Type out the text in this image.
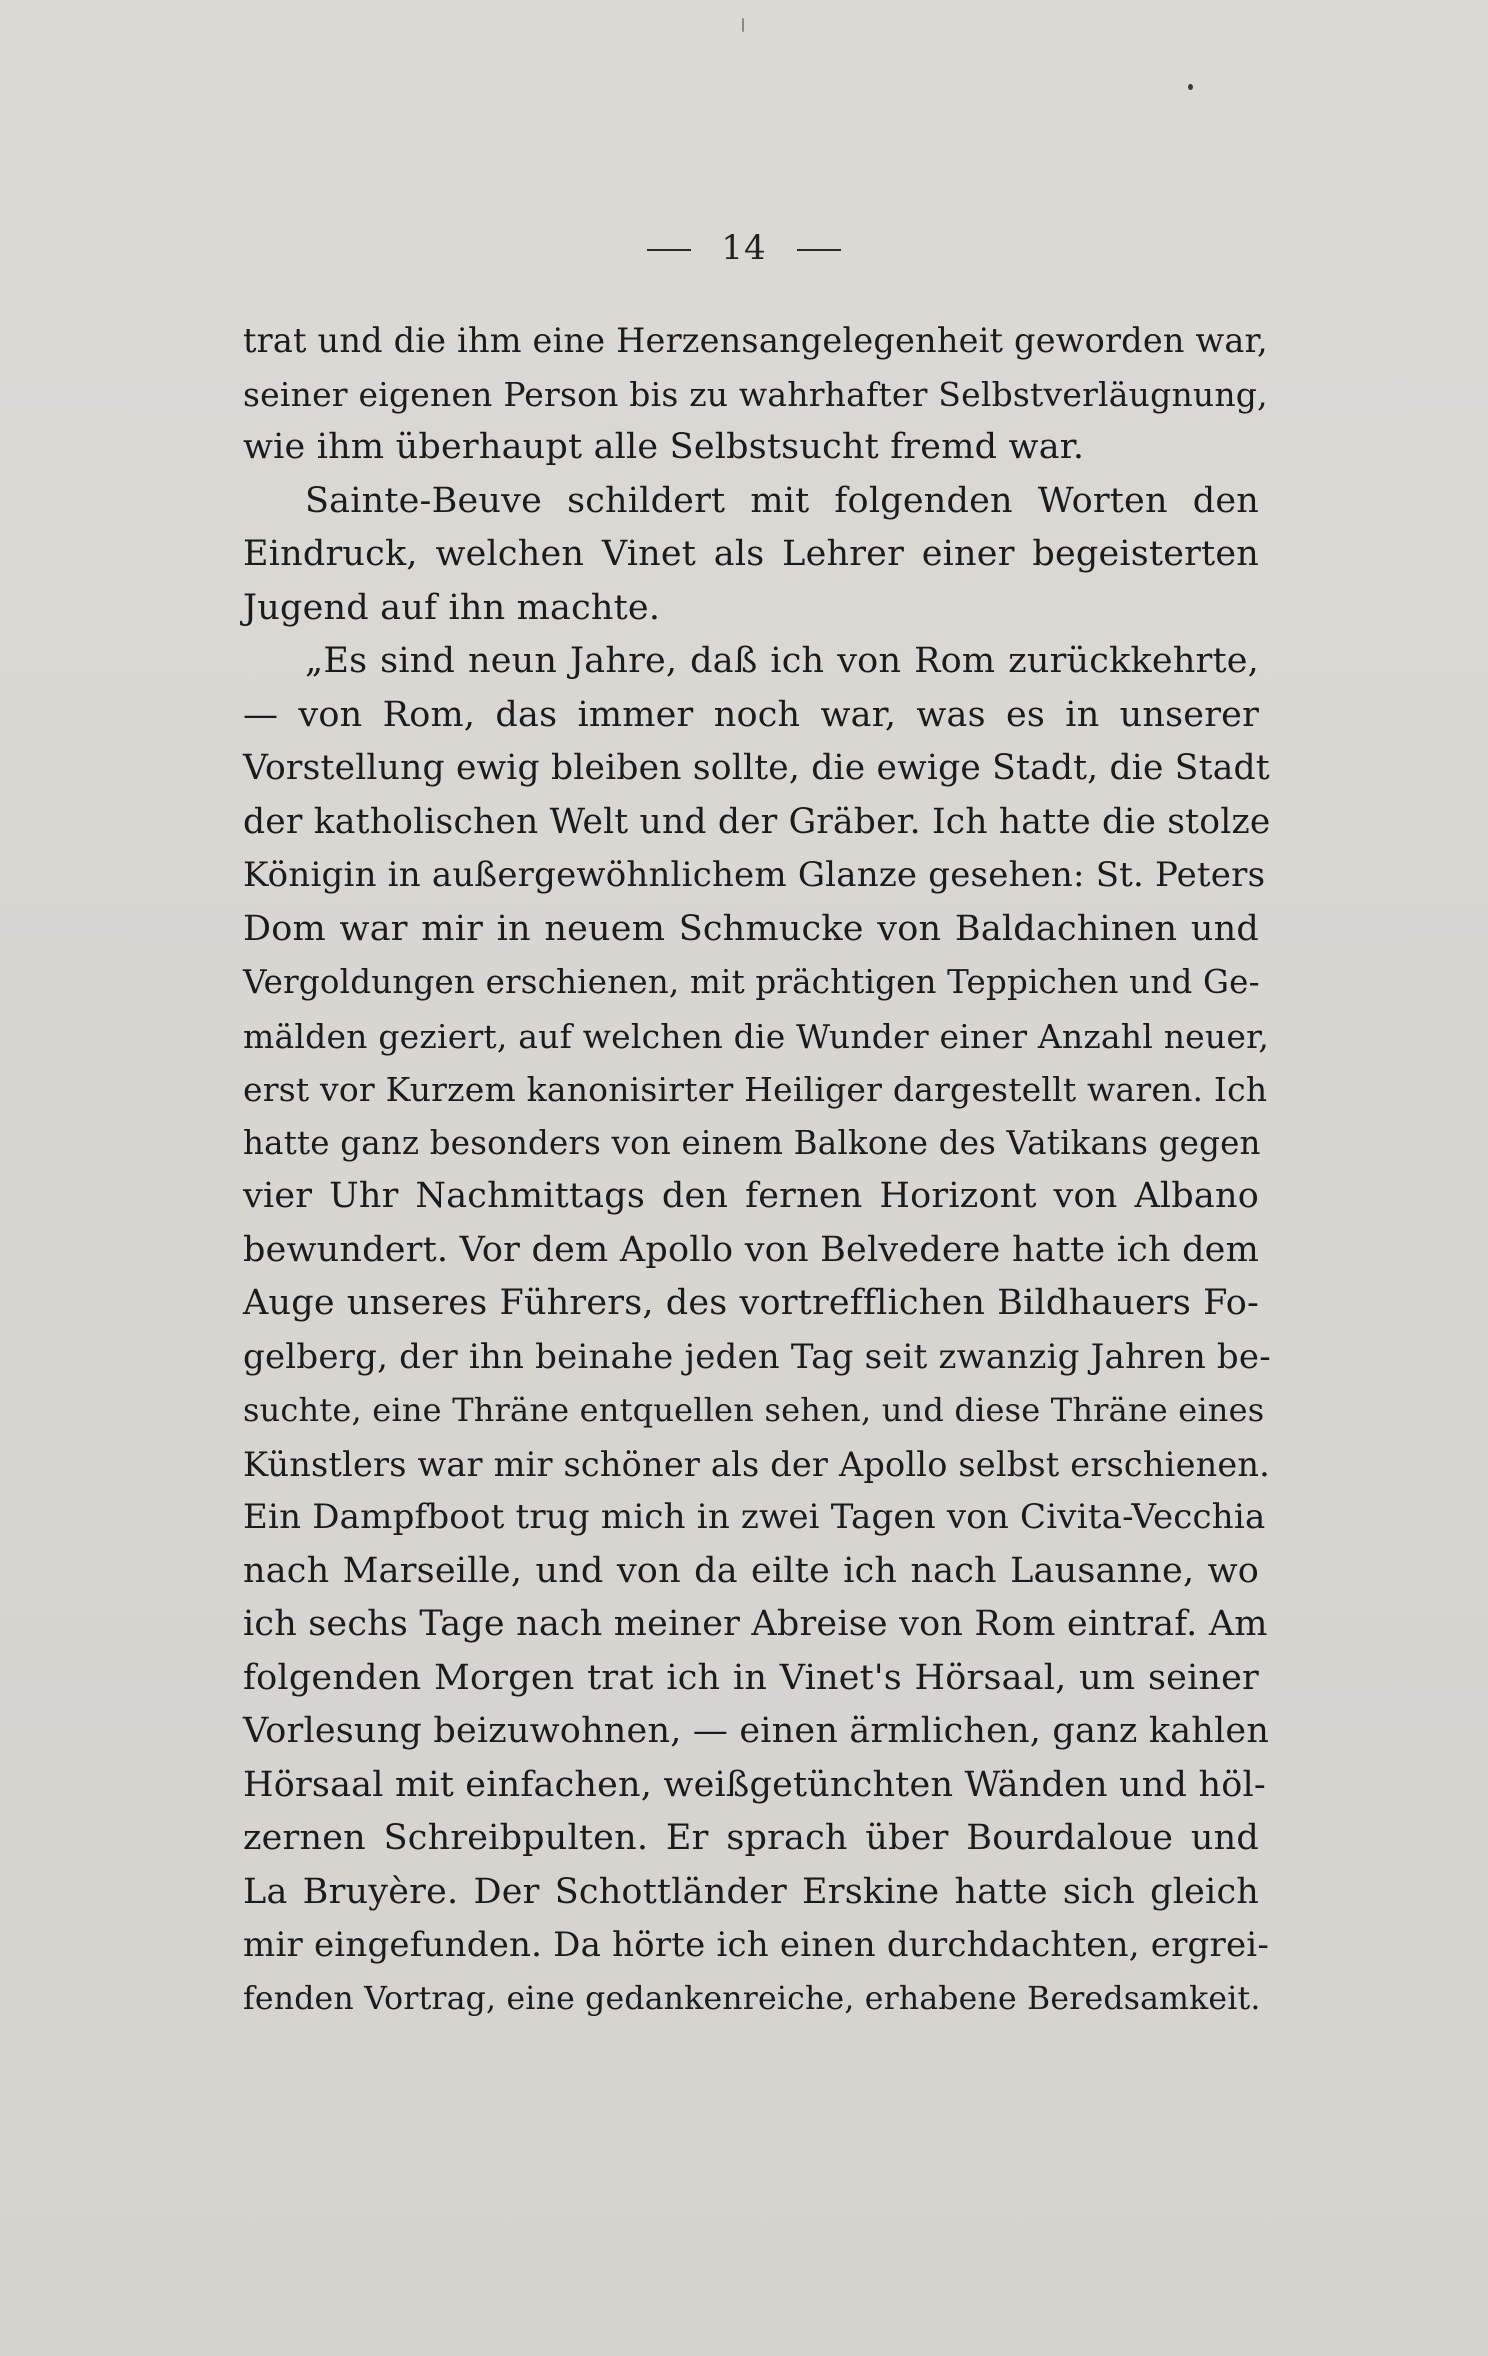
14
trat und die ihm eine Herzensangelegenheit geworden war,
seiner eigenen Person bis zu wahrhafter Selbstverläugnung,
wie ihm überhaupt alle Selbstsucht fremd war.
Sainte-Beuve schildert mit folgenden Worten den
Eindruck, welchen Vinet als Lehrer einer begeisterten
Jugend auf ihn machte.
„Es sind neun Jahre, daß ich von Rom zurückkehrte,
— von Rom, das immer noch war, was es in unserer
Vorstellung ewig bleiben sollte, die ewige Stadt, die Stadt
der katholischen Welt und der Gräber. Ich hatte die stolze
Königin in außergewöhnlichem Glanze gesehen: St. Peters
Dom war mir in neuem Schmucke von Baldachinen und
Vergoldungen erschienen, mit prächtigen Teppichen und Ge-
mälden geziert, auf welchen die Wunder einer Anzahl neuer,
erst vor Kurzem kanonisirter Heiliger dargestellt waren. Ich
hatte ganz besonders von einem Balkone des Vatikans gegen
vier Uhr Nachmittags den fernen Horizont von Albano
bewundert. Vor dem Apollo von Belvedere hatte ich dem
Auge unseres Führers, des vortrefflichen Bildhauers Fo-
gelberg, der ihn beinahe jeden Tag seit zwanzig Jahren be-
suchte, eine Thräne entquellen sehen, und diese Thräne eines
Künstlers war mir schöner als der Apollo selbst erschienen.
Ein Dampfboot trug mich in zwei Tagen von Civita-Vecchia
nach Marseille, und von da eilte ich nach Lausanne, wo
ich sechs Tage nach meiner Abreise von Rom eintraf. Am
folgenden Morgen trat ich in Vinet's Hörsaal, um seiner
Vorlesung beizuwohnen, — einen ärmlichen, ganz kahlen
Hörsaal mit einfachen, weißgetünchten Wänden und höl-
zernen Schreibpulten. Er sprach über Bourdaloue und
La Bruyère. Der Schottländer Erskine hatte sich gleich
mir eingefunden. Da hörte ich einen durchdachten, ergrei-
fenden Vortrag, eine gedankenreiche, erhabene Beredsamkeit.
